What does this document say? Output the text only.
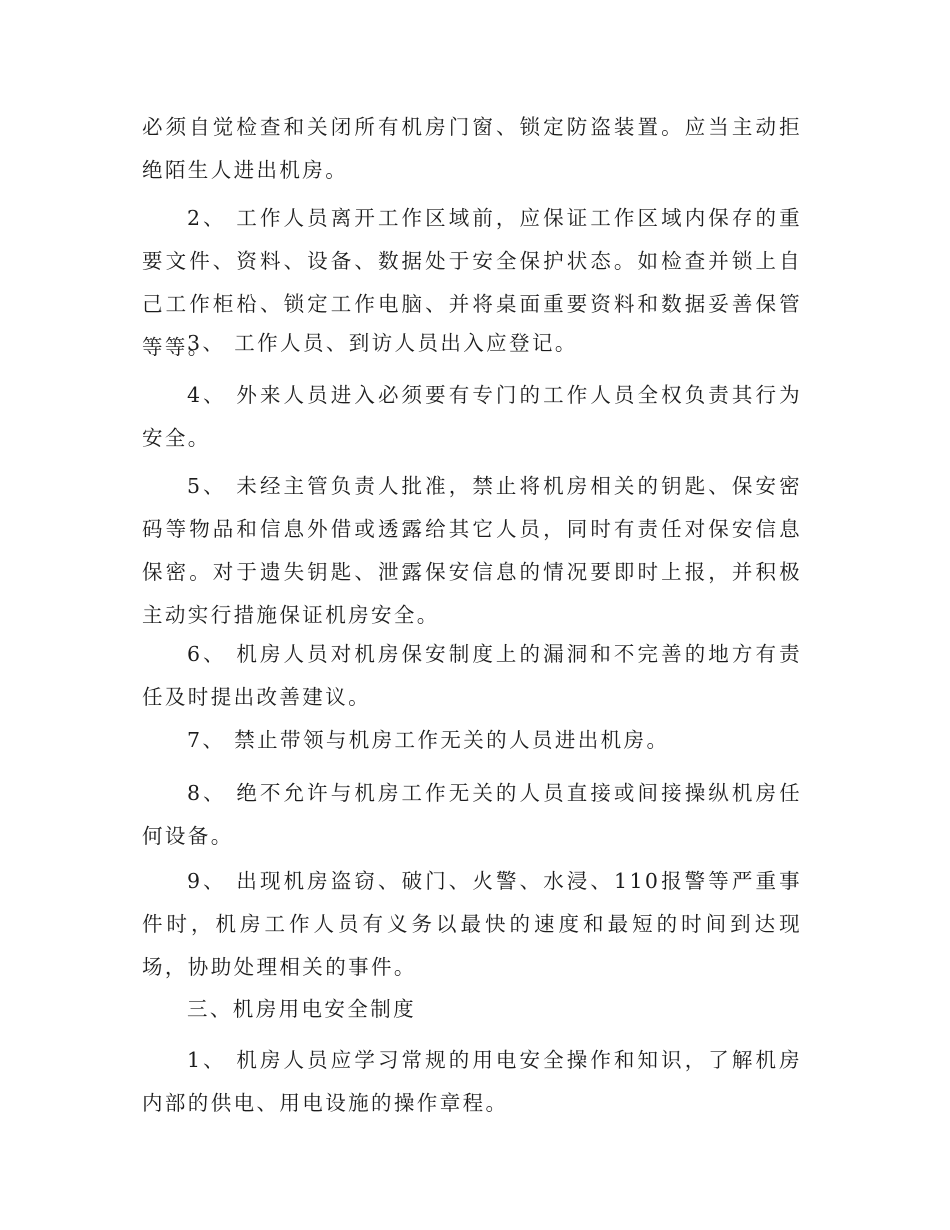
必须自觉检查和关闭所有机房门窗、锁定防盗装置。应当主动拒绝陌生人进出机房。

2、 工作人员离开工作区域前，应保证工作区域内保存的重要文件、资料、设备、数据处于安全保护状态。如检查并锁上自己工作柜柗、锁定工作电脑、并将桌面重要资料和数据妥善保管等等。

3、 工作人员、到访人员出入应登记。

4、 外来人员进入必须要有专门的工作人员全权负责其行为安全。

5、 未经主管负责人批准，禁止将机房相关的钥匙、保安密码等物品和信息外借或透露给其它人员，同时有责任对保安信息保密。对于遗失钥匙、泄露保安信息的情况要即时上报，并积极主动实行措施保证机房安全。

6、 机房人员对机房保安制度上的漏洞和不完善的地方有责任及时提出改善建议。

7、 禁止带领与机房工作无关的人员进出机房。

8、 绝不允许与机房工作无关的人员直接或间接操纵机房任何设备。

9、 出现机房盗窃、破门、火警、水浸、110报警等严重事件时，机房工作人员有义务以最快的速度和最短的时间到达现场，协助处理相关的事件。

三、机房用电安全制度

1、 机房人员应学习常规的用电安全操作和知识，了解机房内部的供电、用电设施的操作章程。
